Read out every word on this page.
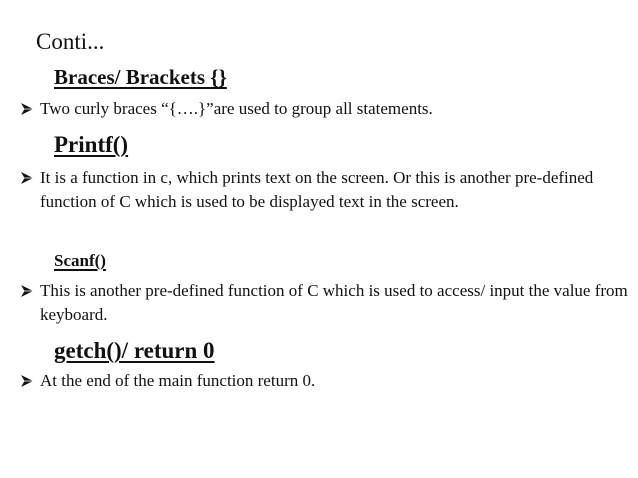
Conti...
Braces/ Brackets {}
Two curly braces “{….}”are used to group all statements.
Printf()
It is a function in c, which prints text on the screen. Or this is another pre-defined function of C which is used to be displayed text in the screen.
Scanf()
This is another pre-defined function of C which is used to access/ input the value from keyboard.
getch()/ return 0
At the end of the main function return 0.
